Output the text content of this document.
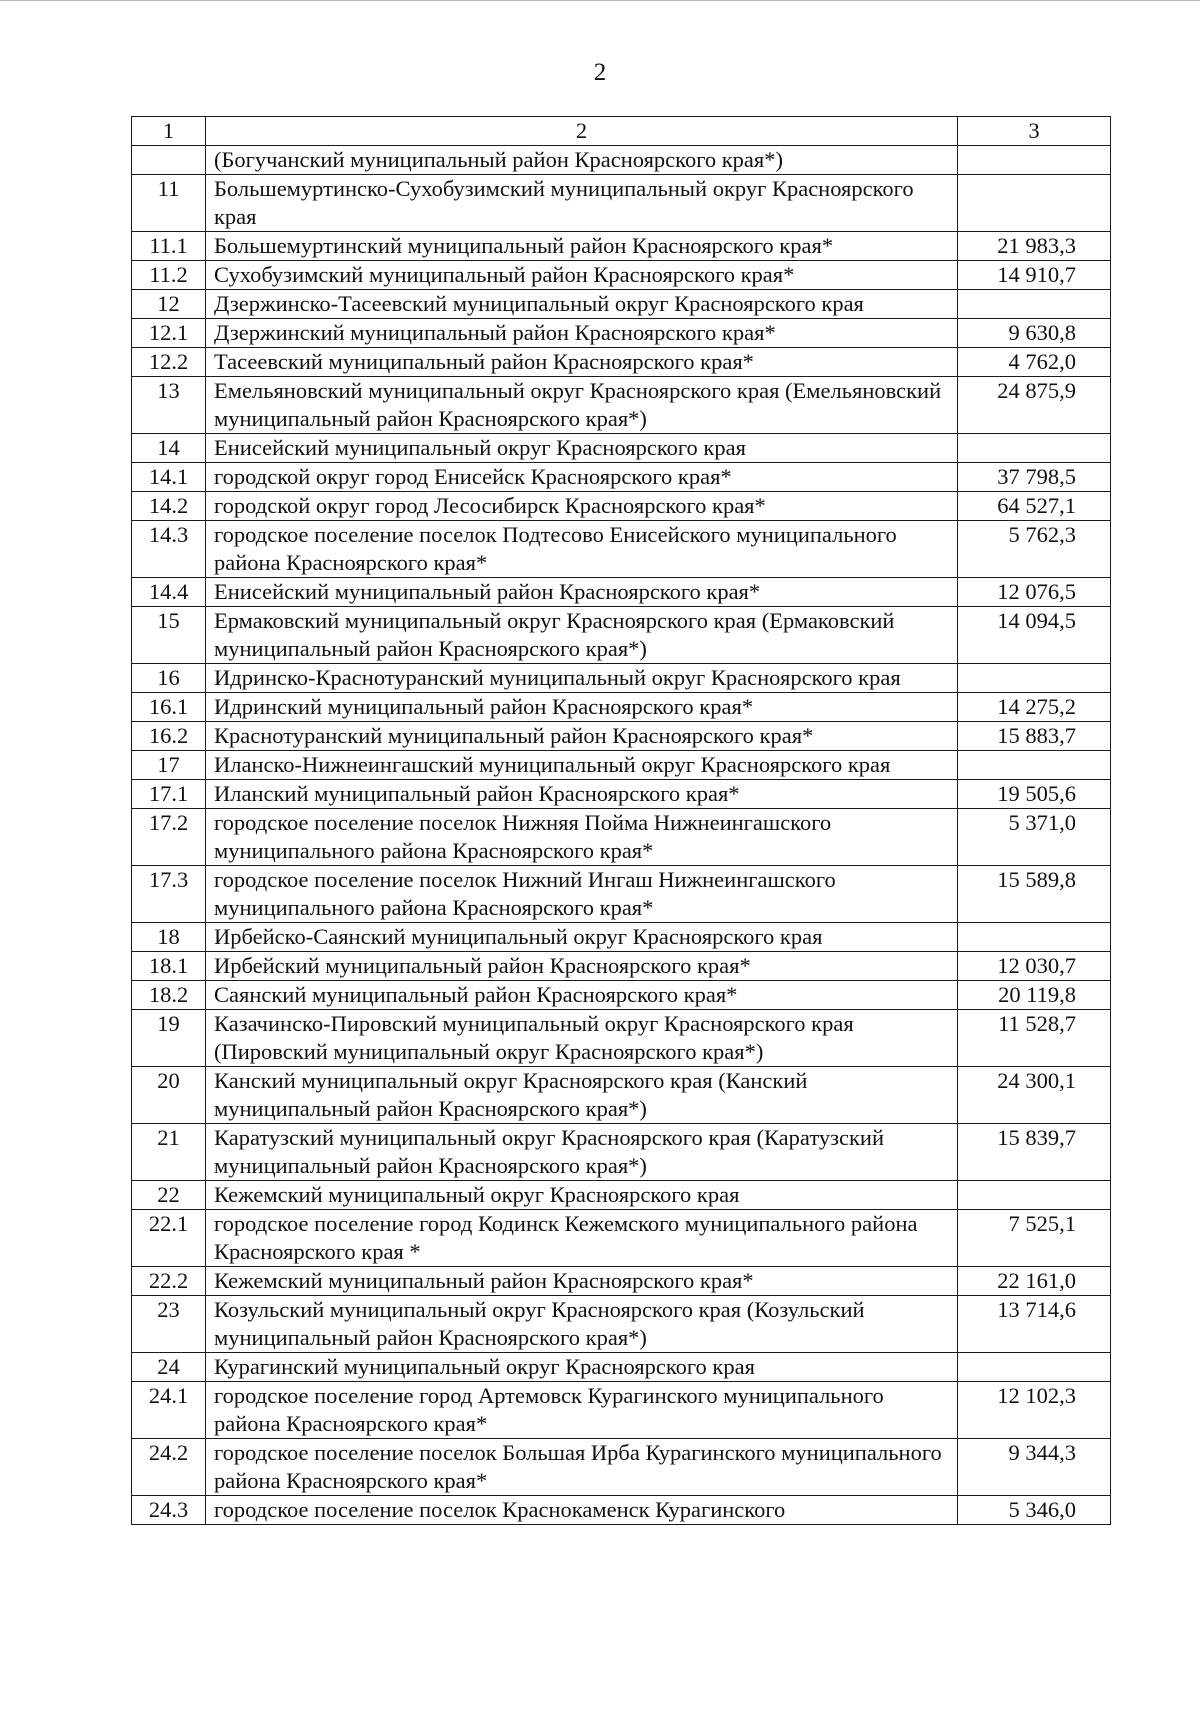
2
1	2	3
	(Богучанский муниципальный район Красноярского края*)	
11	Большемуртинско-Сухобузимский муниципальный округ Красноярского края	
11.1	Большемуртинский муниципальный район Красноярского края*	21 983,3
11.2	Сухобузимский муниципальный район Красноярского края*	14 910,7
12	Дзержинско-Тасеевский муниципальный округ Красноярского края	
12.1	Дзержинский муниципальный район Красноярского края*	9 630,8
12.2	Тасеевский муниципальный район Красноярского края*	4 762,0
13	Емельяновский муниципальный округ Красноярского края (Емельяновский муниципальный район Красноярского края*)	24 875,9
14	Енисейский муниципальный округ Красноярского края	
14.1	городской округ город Енисейск Красноярского края*	37 798,5
14.2	городской округ город Лесосибирск Красноярского края*	64 527,1
14.3	городское поселение поселок Подтесово Енисейского муниципального района Красноярского края*	5 762,3
14.4	Енисейский муниципальный район Красноярского края*	12 076,5
15	Ермаковский муниципальный округ Красноярского края (Ермаковский муниципальный район Красноярского края*)	14 094,5
16	Идринско-Краснотуранский муниципальный округ Красноярского края	
16.1	Идринский муниципальный район Красноярского края*	14 275,2
16.2	Краснотуранский муниципальный район Красноярского края*	15 883,7
17	Иланско-Нижнеингашский муниципальный округ Красноярского края	
17.1	Иланский муниципальный район Красноярского края*	19 505,6
17.2	городское поселение поселок Нижняя Пойма Нижнеингашского муниципального района Красноярского края*	5 371,0
17.3	городское поселение поселок Нижний Ингаш Нижнеингашского муниципального района Красноярского края*	15 589,8
18	Ирбейско-Саянский муниципальный округ Красноярского края	
18.1	Ирбейский муниципальный район Красноярского края*	12 030,7
18.2	Саянский муниципальный район Красноярского края*	20 119,8
19	Казачинско-Пировский муниципальный округ Красноярского края (Пировский муниципальный округ Красноярского края*)	11 528,7
20	Канский муниципальный округ Красноярского края (Канский муниципальный район Красноярского края*)	24 300,1
21	Каратузский муниципальный округ Красноярского края (Каратузский муниципальный район Красноярского края*)	15 839,7
22	Кежемский муниципальный округ Красноярского края	
22.1	городское поселение город Кодинск Кежемского муниципального района Красноярского края *	7 525,1
22.2	Кежемский муниципальный район Красноярского края*	22 161,0
23	Козульский муниципальный округ Красноярского края (Козульский муниципальный район Красноярского края*)	13 714,6
24	Курагинский муниципальный округ Красноярского края	
24.1	городское поселение город Артемовск Курагинского муниципального района Красноярского края*	12 102,3
24.2	городское поселение поселок Большая Ирба Курагинского муниципального района Красноярского края*	9 344,3
24.3	городское поселение поселок Краснокаменск Курагинского	5 346,0
